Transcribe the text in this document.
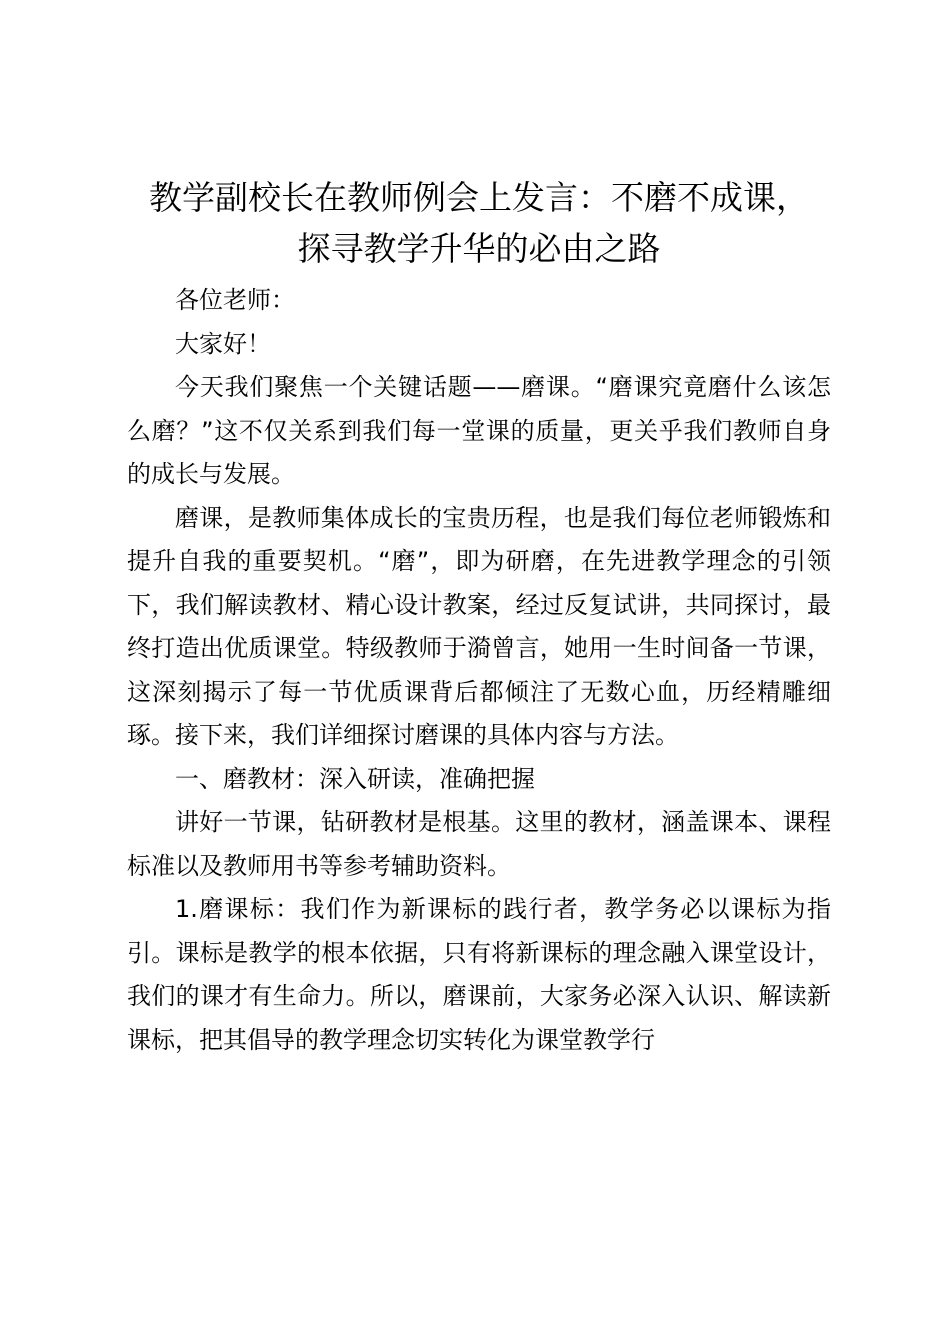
教学副校长在教师例会上发言：不磨不成课，
探寻教学升华的必由之路

各位老师：

大家好！

今天我们聚焦一个关键话题——磨课。“磨课究竟磨什么该怎么磨？”这不仅关系到我们每一堂课的质量，更关乎我们教师自身的成长与发展。

磨课，是教师集体成长的宝贵历程，也是我们每位老师锻炼和提升自我的重要契机。“磨”，即为研磨，在先进教学理念的引领下，我们解读教材、精心设计教案，经过反复试讲，共同探讨，最终打造出优质课堂。特级教师于漪曾言，她用一生时间备一节课，这深刻揭示了每一节优质课背后都倾注了无数心血，历经精雕细琢。接下来，我们详细探讨磨课的具体内容与方法。

一、磨教材：深入研读，准确把握

讲好一节课，钻研教材是根基。这里的教材，涵盖课本、课程标准以及教师用书等参考辅助资料。

1.磨课标：我们作为新课标的践行者，教学务必以课标为指引。课标是教学的根本依据，只有将新课标的理念融入课堂设计，我们的课才有生命力。所以，磨课前，大家务必深入认识、解读新课标，把其倡导的教学理念切实转化为课堂教学行
